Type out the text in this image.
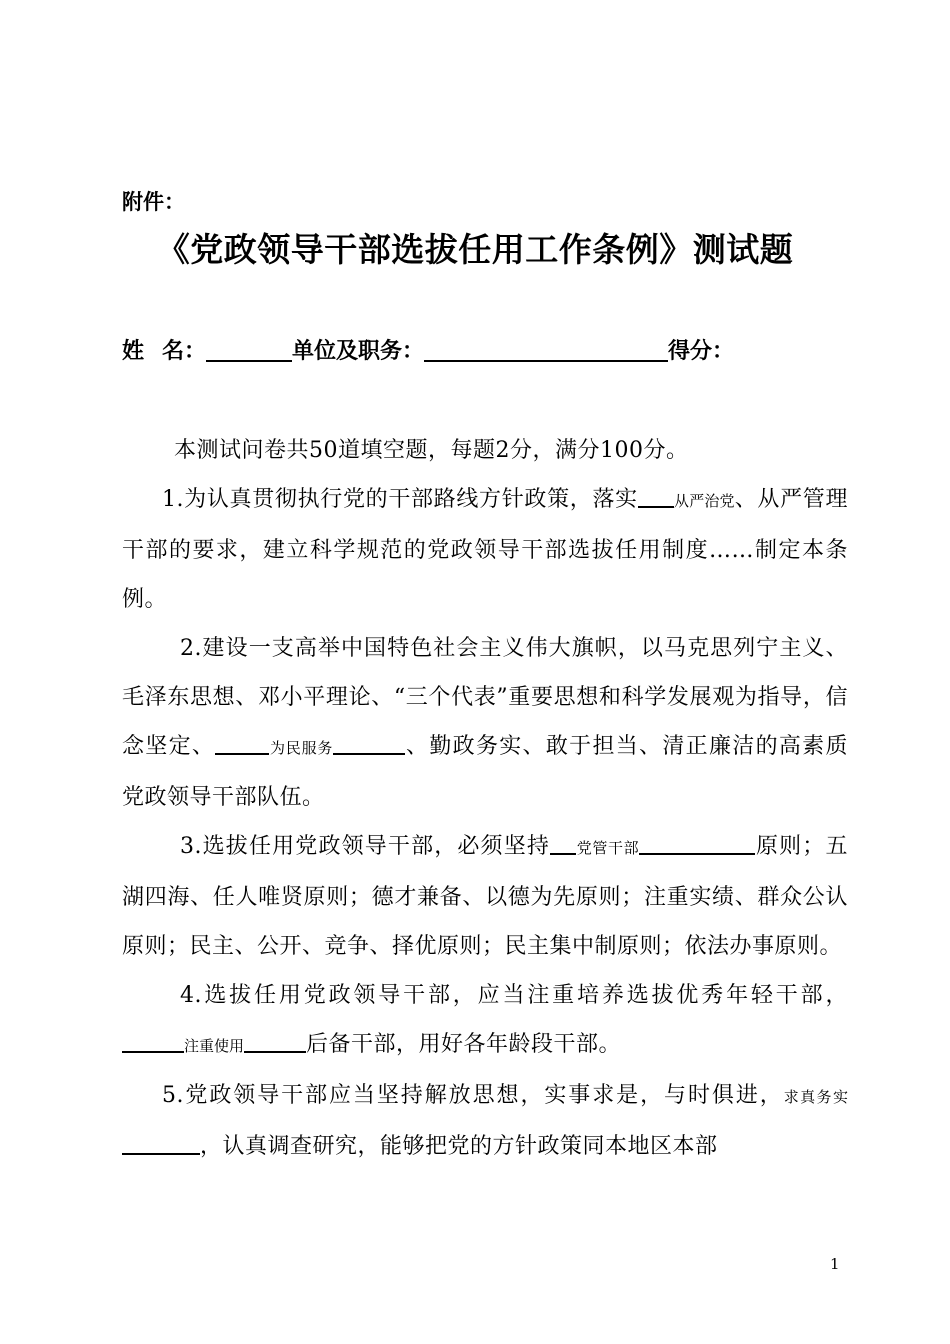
附件：
《党政领导干部选拔任用工作条例》测试题
姓 名：	单位及职务：	得分：

本测试问卷共50道填空题，每题2分，满分100分。

1.为认真贯彻执行党的干部路线方针政策，落实 从严治党、从严管理干部的要求，建立科学规范的党政领导干部选拔任用制度……制定本条例。

2.建设一支高举中国特色社会主义伟大旗帜，以马克思列宁主义、毛泽东思想、邓小平理论、“三个代表”重要思想和科学发展观为指导，信念坚定、	为民服务	、勤政务实、敢于担当、清正廉洁的高素质党政领导干部队伍。

3.选拔任用党政领导干部，必须坚持 党管干部	原则；五湖四海、任人唯贤原则；德才兼备、以德为先原则；注重实绩、群众公认原则；民主、公开、竞争、择优原则；民主集中制原则；依法办事原则。

4.选拔任用党政领导干部，应当注重培养选拔优秀年轻干部，注重使用	后备干部，用好各年龄段干部。

5.党政领导干部应当坚持解放思想，实事求是，与时俱进，求真务实，认真调查研究，能够把党的方针政策同本地区本部

1
